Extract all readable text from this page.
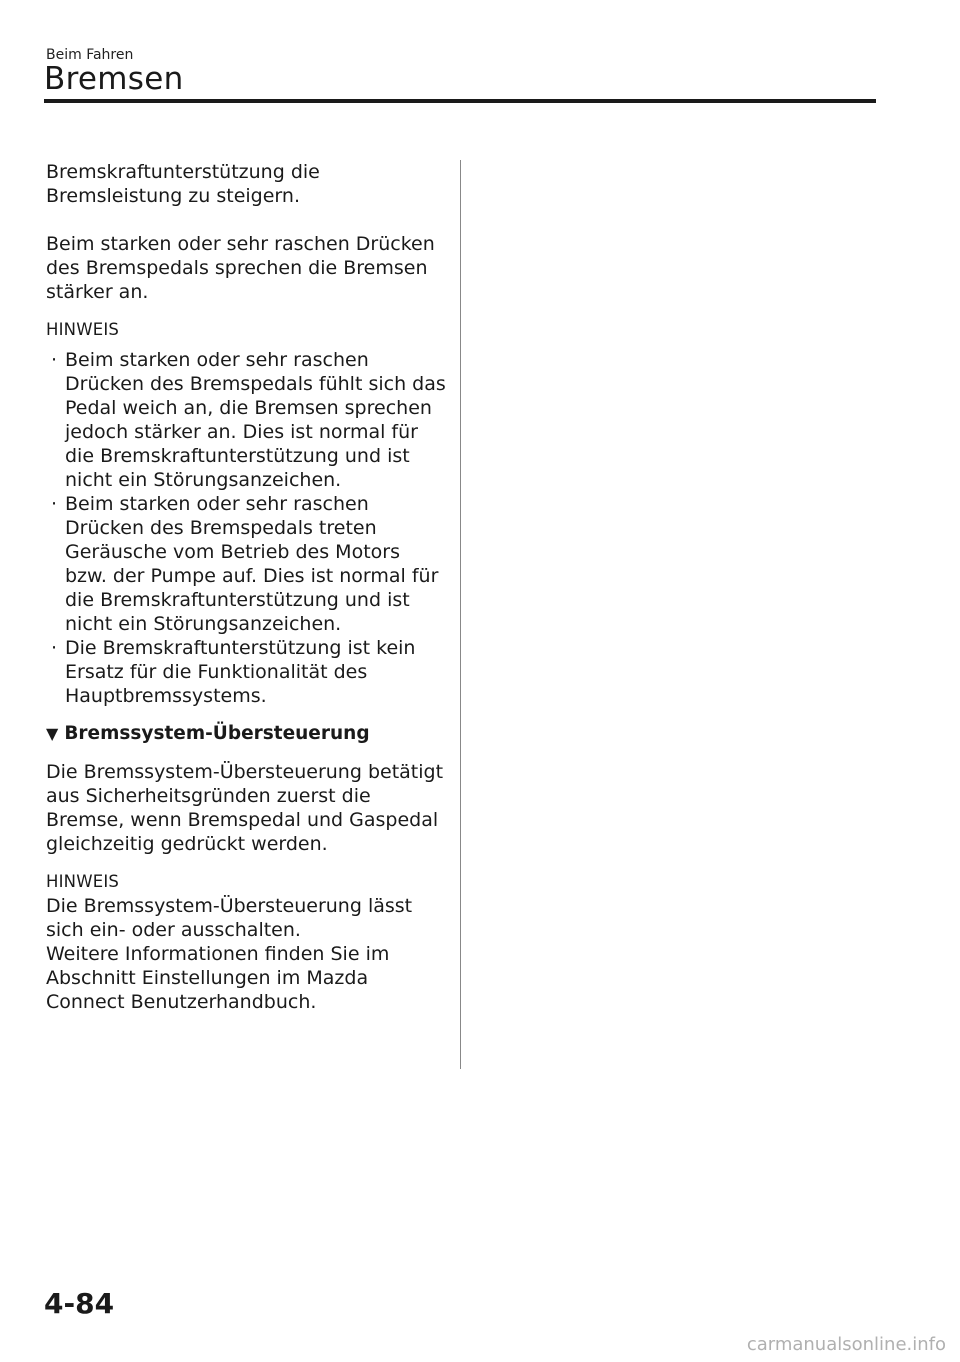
Beim Fahren
Bremsen

Bremskraftunterstützung die Bremsleistung zu steigern.

Beim starken oder sehr raschen Drücken des Bremspedals sprechen die Bremsen stärker an.

HINWEIS
· Beim starken oder sehr raschen Drücken des Bremspedals fühlt sich das Pedal weich an, die Bremsen sprechen jedoch stärker an. Dies ist normal für die Bremskraftunterstützung und ist nicht ein Störungsanzeichen.
· Beim starken oder sehr raschen Drücken des Bremspedals treten Geräusche vom Betrieb des Motors bzw. der Pumpe auf. Dies ist normal für die Bremskraftunterstützung und ist nicht ein Störungsanzeichen.
· Die Bremskraftunterstützung ist kein Ersatz für die Funktionalität des Hauptbremssystems.
▼ Bremssystem-Übersteuerung

Die Bremssystem-Übersteuerung betätigt aus Sicherheitsgründen zuerst die Bremse, wenn Bremspedal und Gaspedal gleichzeitig gedrückt werden.

HINWEIS

Die Bremssystem-Übersteuerung lässt sich ein- oder ausschalten.

Weitere Informationen finden Sie im Abschnitt Einstellungen im Mazda Connect Benutzerhandbuch.

4-84
carmanualsonline.info
